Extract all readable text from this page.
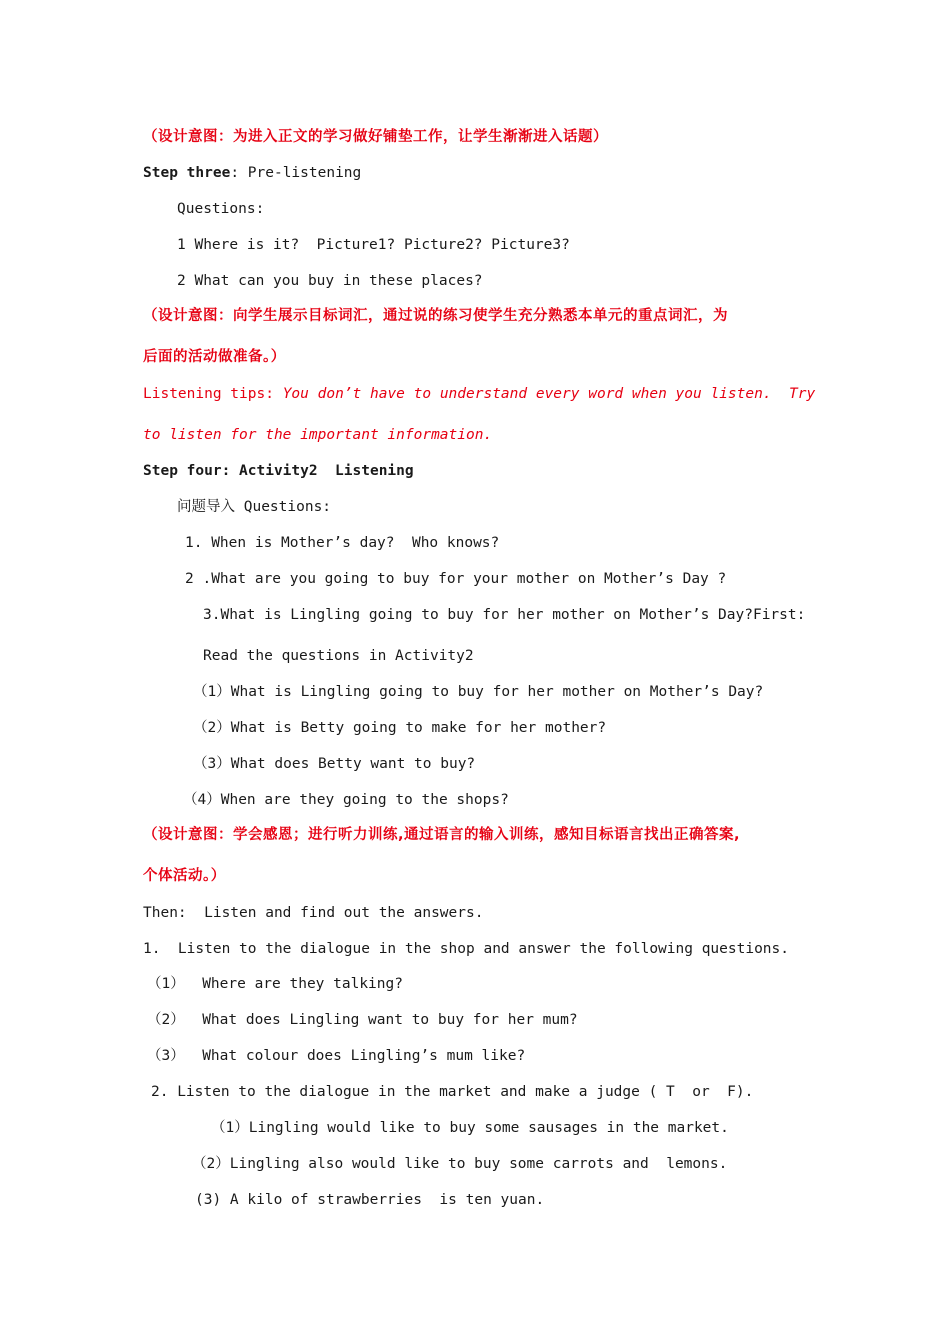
（设计意图：为进入正文的学习做好铺垫工作，让学生渐渐进入话题）

Step three: Pre-listening

Questions:

1 Where is it?  Picture1? Picture2? Picture3?

2 What can you buy in these places?

（设计意图：向学生展示目标词汇，通过说的练习使学生充分熟悉本单元的重点词汇，为

后面的活动做准备。）

Listening tips: You don’t have to understand every word when you listen.  Try

to listen for the important information.

Step four: Activity2  Listening

问题导入 Questions:

1. When is Mother’s day?  Who knows?

2 .What are you going to buy for your mother on Mother’s Day ?

3.What is Lingling going to buy for her mother on Mother’s Day?First:

Read the questions in Activity2

（1）What is Lingling going to buy for her mother on Mother’s Day?

（2）What is Betty going to make for her mother?

（3）What does Betty want to buy?

（4）When are they going to the shops?

（设计意图：学会感恩；进行听力训练,通过语言的输入训练，感知目标语言找出正确答案,

个体活动。）

Then:  Listen and find out the answers.

1.  Listen to the dialogue in the shop and answer the following questions.

（1）  Where are they talking?

（2）  What does Lingling want to buy for her mum?

（3）  What colour does Lingling’s mum like?

2. Listen to the dialogue in the market and make a judge ( T  or  F).

（1）Lingling would like to buy some sausages in the market.

（2）Lingling also would like to buy some carrots and  lemons.

(3) A kilo of strawberries  is ten yuan.
